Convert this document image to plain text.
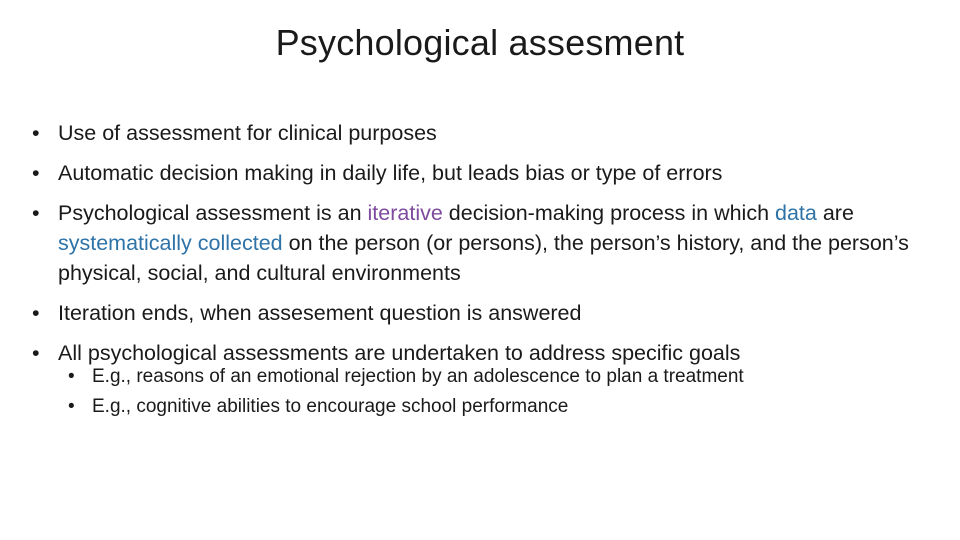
Psychological assesment
• Use of assessment for clinical purposes
• Automatic decision making in daily life, but leads bias or type of errors
• Psychological assessment is an iterative decision-making process in which data are systematically collected on the person (or persons), the person’s history, and the person’s physical, social, and cultural environments
• Iteration ends, when assesement question is answered
• All psychological assessments are undertaken to address specific goals
• E.g., reasons of an emotional rejection by an adolescence to plan a treatment
• E.g., cognitive abilities to encourage school performance
